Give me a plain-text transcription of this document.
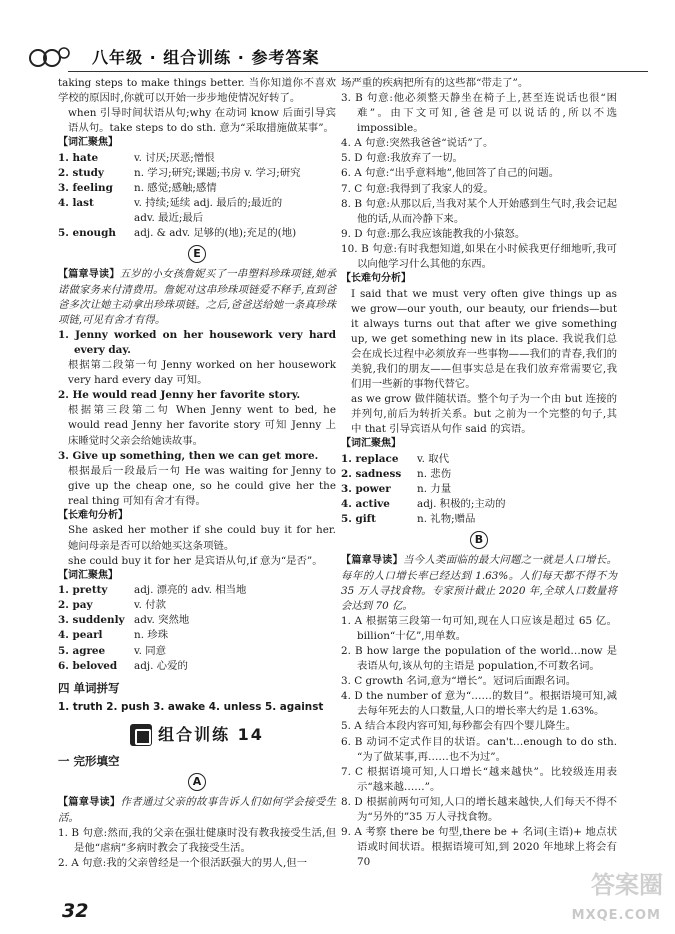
八年级 · 组合训练 · 参考答案

taking steps to make things better. 当你知道你不喜欢学校的原因时,你就可以开始一步步地使情况好转了。

when 引导时间状语从句;why 在动词 know 后面引导宾语从句。take steps to do sth. 意为“采取措施做某事”。

【词汇聚焦】
1. hate	v. 讨厌;厌恶;憎恨
2. study	n. 学习;研究;课题;书房 v. 学习;研究
3. feeling	n. 感觉;感触;感情
4. last	v. 持续;延续 adj. 最后的;最近的
adv. 最近;最后
5. enough	adj. & adv. 足够的(地);充足的(地)
E

【篇章导读】五岁的小女孩詹妮买了一串塑料珍珠项链,她承诺做家务来付清费用。詹妮对这串珍珠项链爱不释手,直到爸爸多次让她主动拿出珍珠项链。之后,爸爸送给她一条真珍珠项链,可见有舍才有得。

1. Jenny worked on her housework very hard every day.

根据第二段第一句 Jenny worked on her housework very hard every day 可知。

2. He would read Jenny her favorite story.

根据第三段第二句 When Jenny went to bed, he would read Jenny her favorite story 可知 Jenny 上床睡觉时父亲会给她读故事。

3. Give up something, then we can get more.

根据最后一段最后一句 He was waiting for Jenny to give up the cheap one, so he could give her the real thing 可知有舍才有得。

【长难句分析】

She asked her mother if she could buy it for her. 她问母亲是否可以给她买这条项链。

she could buy it for her 是宾语从句,if 意为“是否”。

【词汇聚焦】
1. pretty	adj. 漂亮的 adv. 相当地
2. pay	v. 付款
3. suddenly adv. 突然地
4. pearl	n. 珍珠
5. agree	v. 同意
6. beloved	adj. 心爱的
四 单词拼写
1. truth 2. push 3. awake 4. unless 5. against
组合训练 14
一 完形填空
A

【篇章导读】作者通过父亲的故事告诉人们如何学会接受生活。

1. B 句意:然而,我的父亲在强壮健康时没有教我接受生活,但是他“虐病”多病时教会了我接受生活。

2. A 句意:我的父亲曾经是一个很活跃强大的男人,但一

场严重的疾病把所有的这些都“带走了”。

3. B 句意:他必须整天静坐在椅子上,甚至连说话也很“困难”。由下文可知,爸爸是可以说话的,所以不选 impossible。

4. A 句意:突然我爸爸“说话”了。

5. D 句意:我放弃了一切。

6. A 句意:“出乎意料地”,他回答了自己的问题。

7. C 句意:我得到了我家人的爱。

8. B 句意:从那以后,当我对某个人开始感到生气时,我会记起他的话,从而冷静下来。

9. D 句意:那么我应该能教我的小猿怒。

10. B 句意:有时我想知道,如果在小时候我更仔细地听,我可以向他学习什么其他的东西。

【长难句分析】

I said that we must very often give things up as we grow—our youth, our beauty, our friends—but it always turns out that after we give something up, we get something new in its place. 我说我们总会在成长过程中必须放弃一些事物——我们的青春,我们的美貌,我们的朋友——但事实总是在我们放弃常需要它,我们用一些新的事物代替它。

as we grow 做伴随状语。整个句子为一个由 but 连接的并列句,前后为转折关系。but 之前为一个完整的句子,其中 that 引导宾语从句作 said 的宾语。

【词汇聚焦】
1. replace	v. 取代
2. sadness	n. 悲伤
3. power	n. 力量
4. active	adj. 积极的;主动的
5. gift	n. 礼物;赠品
B

【篇章导读】当今人类面临的最大问题之一就是人口增长。每年的人口增长率已经达到 1.63%。人们每天都不得不为 35 万人寻找食物。专家预计截止 2020 年,全球人口数量将会达到 70 亿。

1. A 根据第三段第一句可知,现在人口应该是超过 65 亿。billion“十亿”,用单数。

2. B how large the population of the world…now 是表语从句,该从句的主语是 population,不可数名词。

3. C growth 名词,意为“增长”。冠词后面跟名词。

4. D the number of 意为“……的数目”。根据语境可知,减去每年死去的人口数量,人口的增长率大约是 1.63%。

5. A 结合本段内容可知,每秒都会有四个婴儿降生。

6. B 动词不定式作目的状语。can't…enough to do sth. “为了做某事,再……也不为过”。

7. C 根据语境可知,人口增长“越来越快”。比较级连用表示“越来越……”。

8. D 根据前两句可知,人口的增长越来越快,人们每天不得不为“另外的”35 万人寻找食物。

9. A 考察 there be 句型,there be + 名词(主语)+ 地点状语或时间状语。根据语境可知,到 2020 年地球上将会有 70

32
答案圈
MXQE.COM
